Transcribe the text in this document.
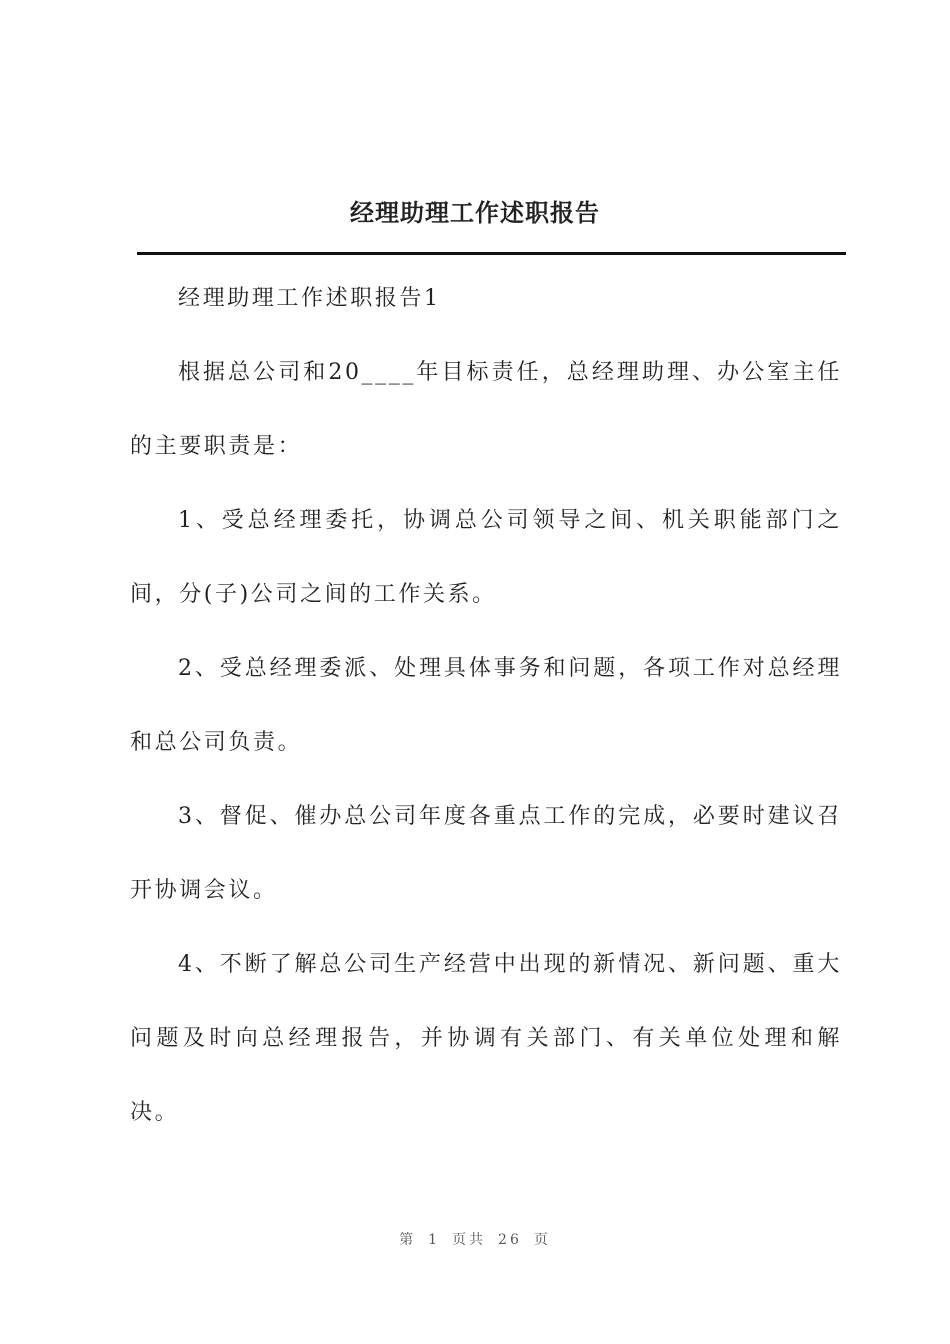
经理助理工作述职报告

经理助理工作述职报告1

根据总公司和20____年目标责任，总经理助理、办公室主任的主要职责是：

1、受总经理委托，协调总公司领导之间、机关职能部门之间，分(子)公司之间的工作关系。

2、受总经理委派、处理具体事务和问题，各项工作对总经理和总公司负责。

3、督促、催办总公司年度各重点工作的完成，必要时建议召开协调会议。

4、不断了解总公司生产经营中出现的新情况、新问题、重大问题及时向总经理报告，并协调有关部门、有关单位处理和解决。

第 1 页共 26 页
